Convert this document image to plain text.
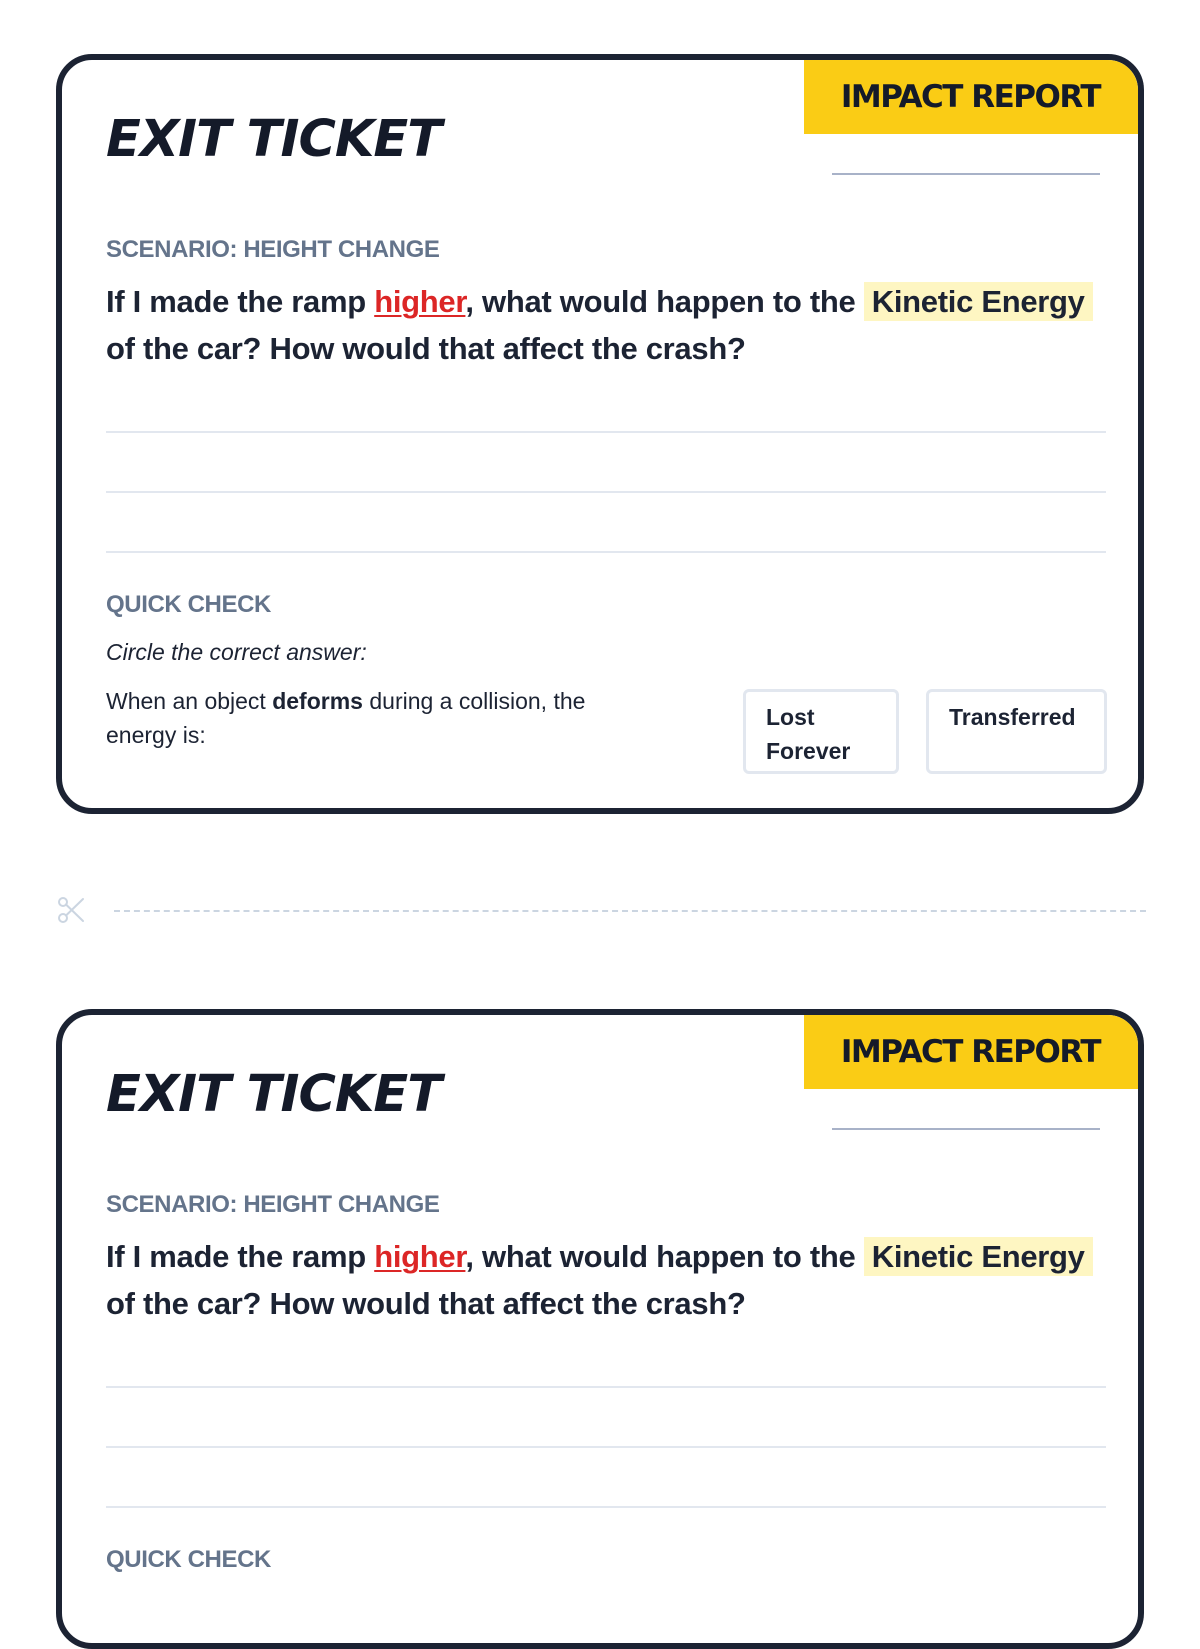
EXIT TICKET
IMPACT REPORT
SCENARIO: HEIGHT CHANGE

If I made the ramp higher, what would happen to the Kinetic Energy of the car? How would that affect the crash?

QUICK CHECK
Circle the correct answer:
When an object deforms during a collision, the energy is:
Lost Forever
Transferred
EXIT TICKET
IMPACT REPORT
SCENARIO: HEIGHT CHANGE

If I made the ramp higher, what would happen to the Kinetic Energy of the car? How would that affect the crash?

QUICK CHECK
